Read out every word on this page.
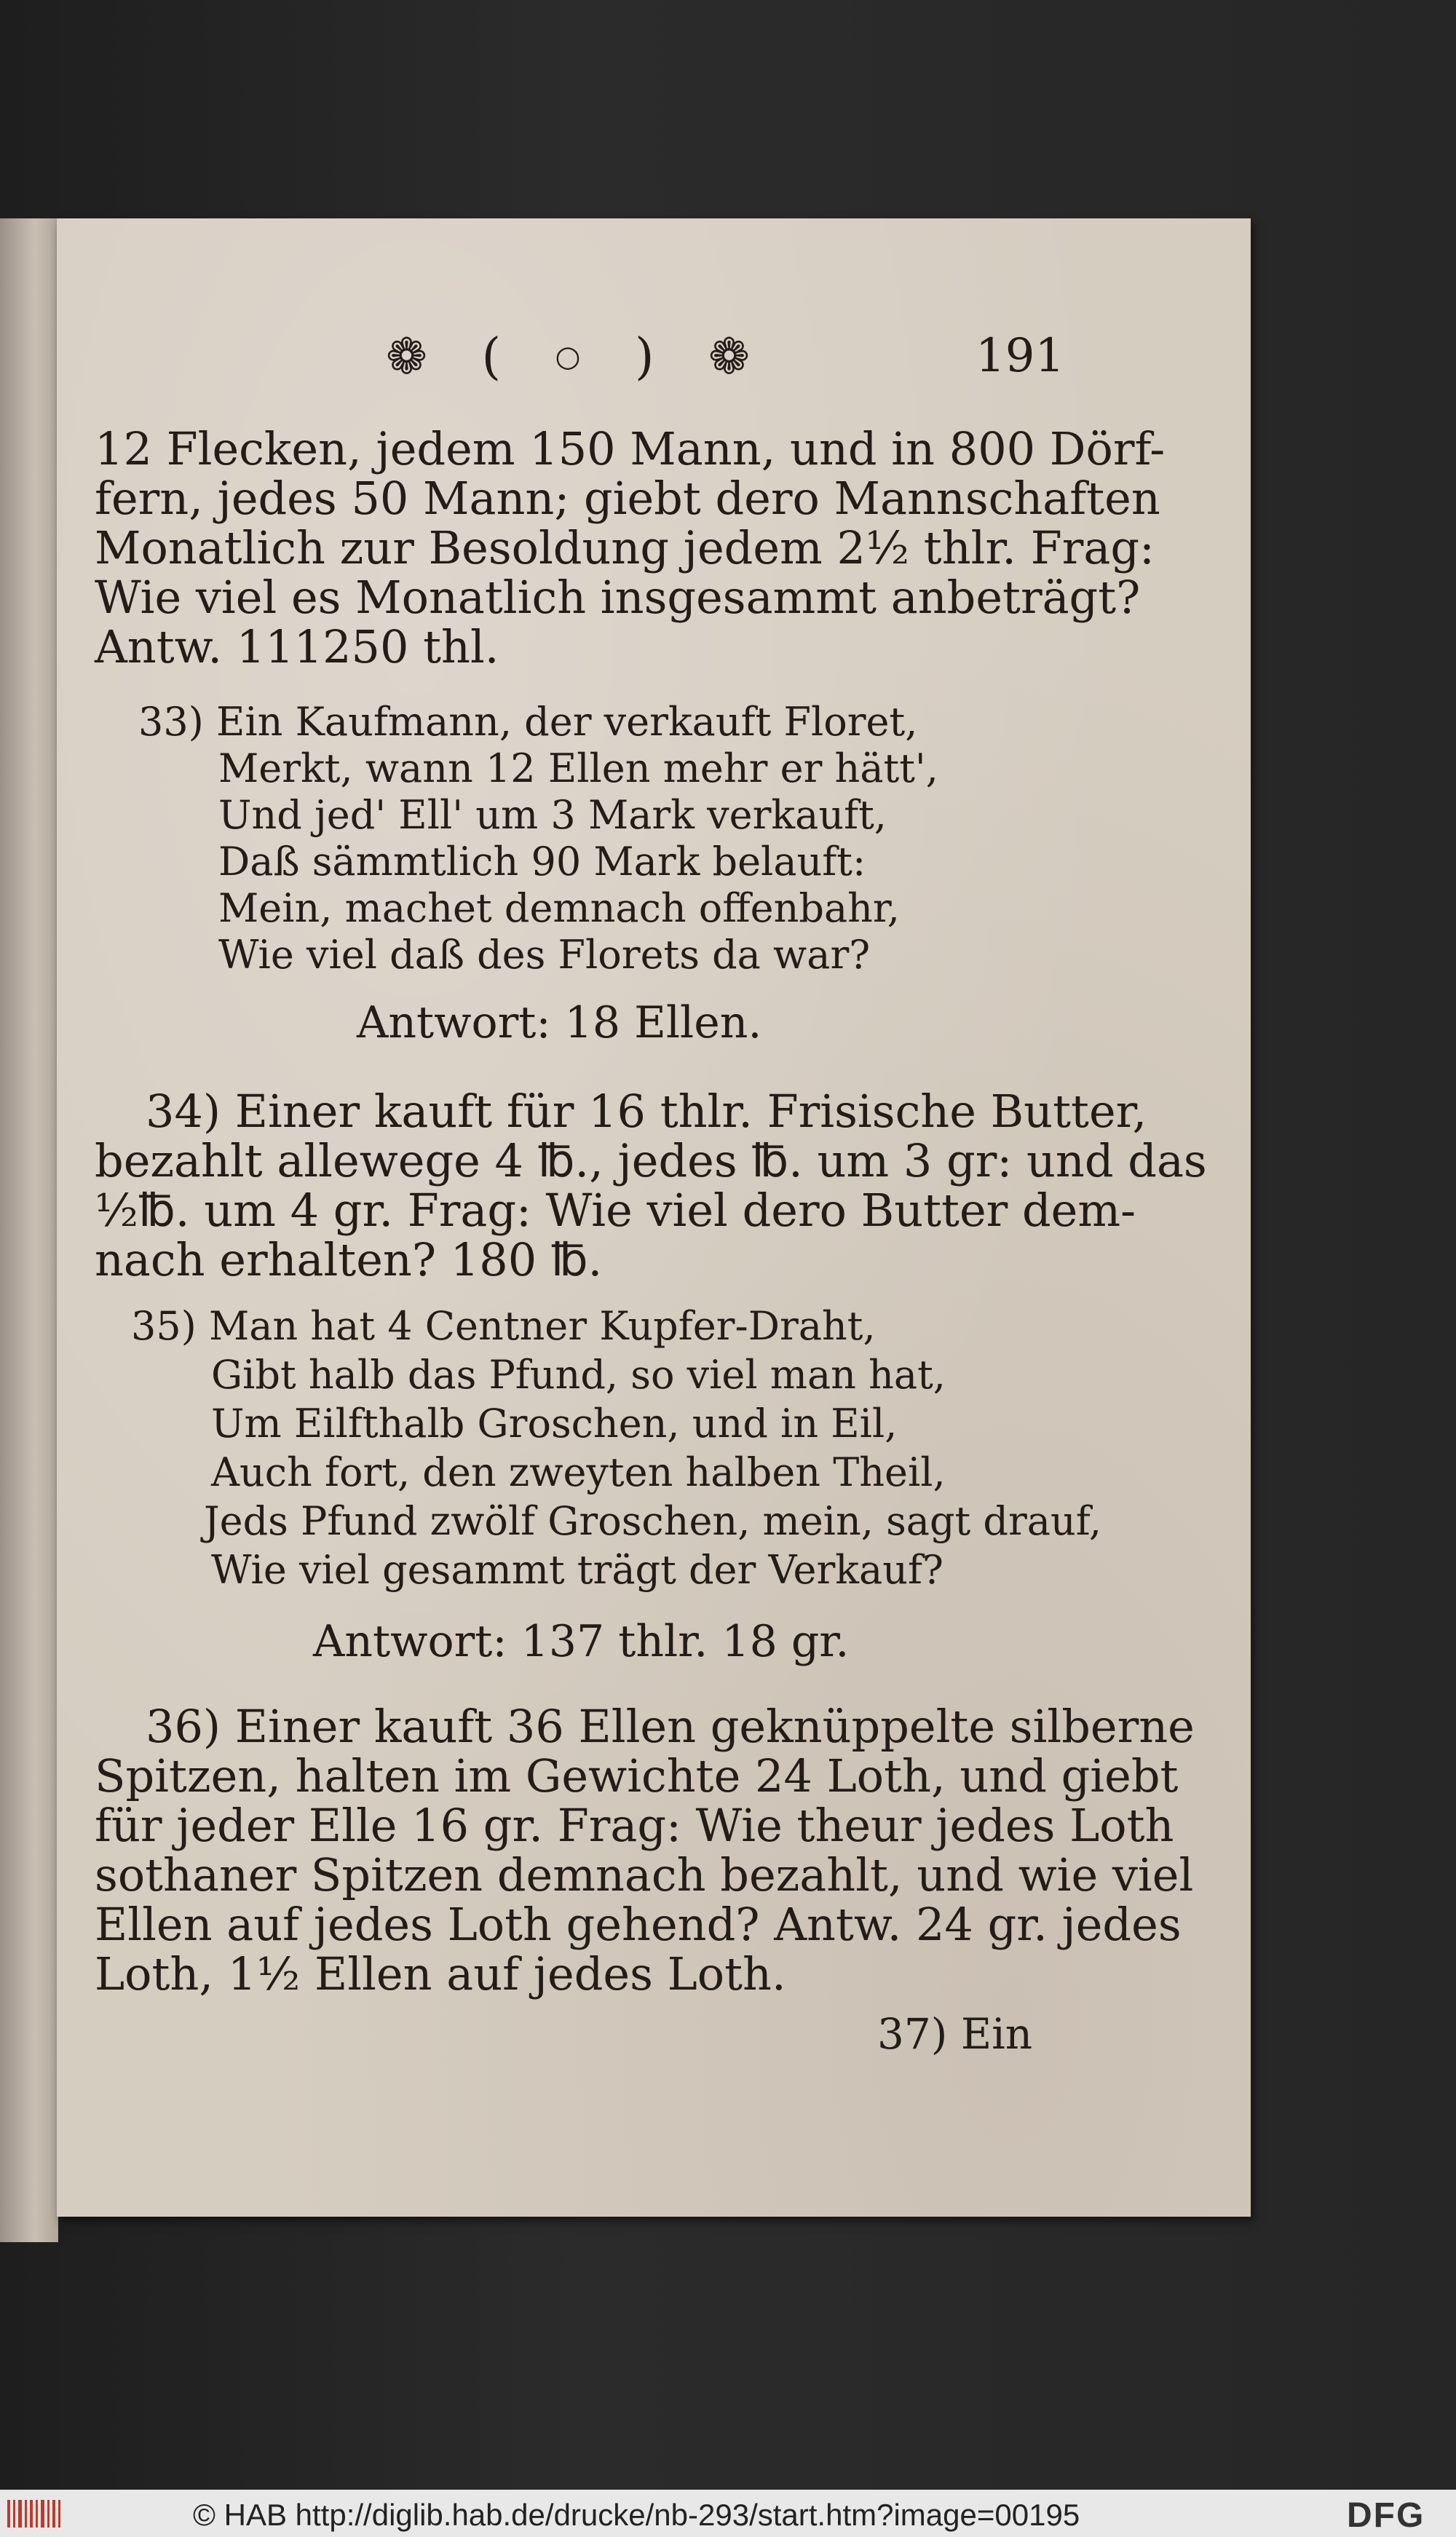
❁ ( ○ ) ❁	191
12 Flecken, jedem 150 Mann, und in 800 Dörf-
fern, jedes 50 Mann; giebt dero Mannschaften
Monatlich zur Besoldung jedem 2½ thlr. Frag:
Wie viel es Monatlich insgesammt anbeträgt?
Antw. 111250 thl.
33) Ein Kaufmann, der verkauft Floret,
Merkt, wann 12 Ellen mehr er hätt',
Und jed' Ell' um 3 Mark verkauft,
Daß sämmtlich 90 Mark belauft:
Mein, machet demnach offenbahr,
Wie viel daß des Florets da war?
Antwort: 18 Ellen.
34) Einer kauft für 16 thlr. Frisische Butter,
bezahlt allewege 4 ℔., jedes ℔. um 3 gr: und das
½℔. um 4 gr. Frag: Wie viel dero Butter dem-
nach erhalten? 180 ℔.
35) Man hat 4 Centner Kupfer-Draht,
Gibt halb das Pfund, so viel man hat,
Um Eilfthalb Groschen, und in Eil,
Auch fort, den zweyten halben Theil,
Jeds Pfund zwölf Groschen, mein, sagt drauf,
Wie viel gesammt trägt der Verkauf?
Antwort: 137 thlr. 18 gr.
36) Einer kauft 36 Ellen geknüppelte silberne
Spitzen, halten im Gewichte 24 Loth, und giebt
für jeder Elle 16 gr. Frag: Wie theur jedes Loth
sothaner Spitzen demnach bezahlt, und wie viel
Ellen auf jedes Loth gehend? Antw. 24 gr. jedes
Loth, 1½ Ellen auf jedes Loth.
37) Ein
© HAB http://diglib.hab.de/drucke/nb-293/start.htm?image=00195	DFG
